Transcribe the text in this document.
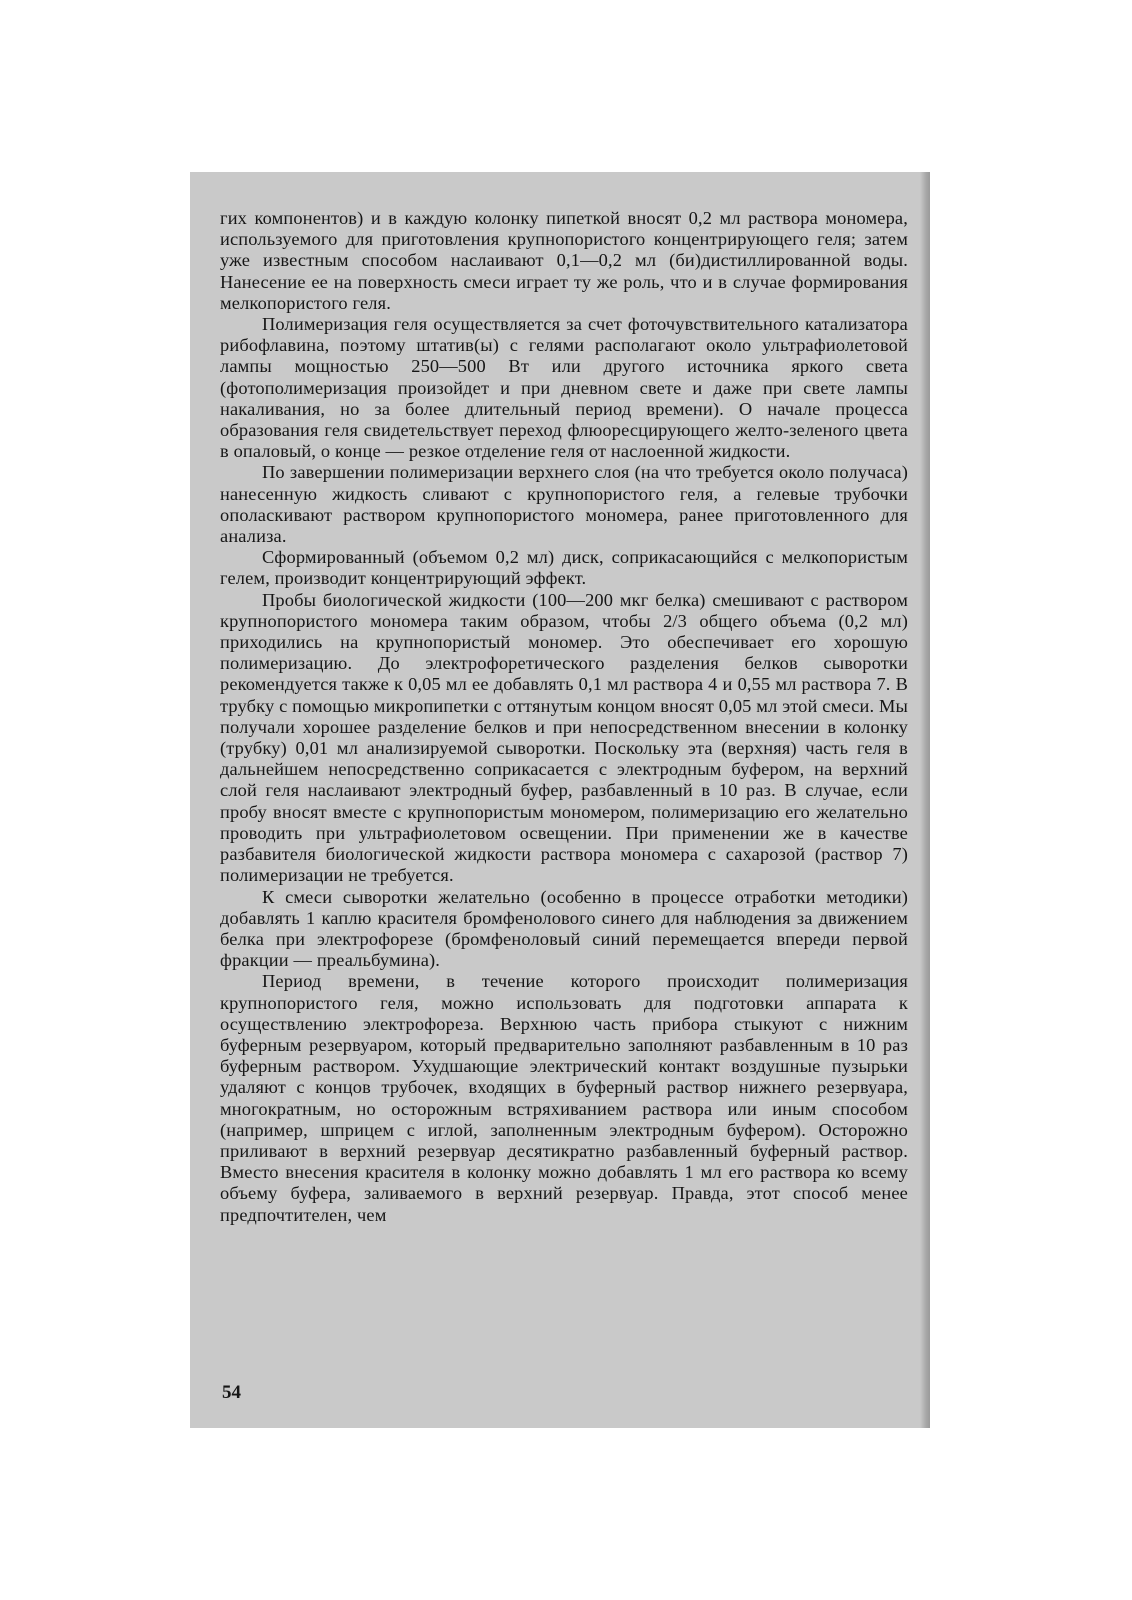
гих компонентов) и в каждую колонку пипеткой вносят 0,2 мл раствора мономера, используемого для приготовления крупнопористого концентрирующего геля; затем уже известным способом наслаивают 0,1—0,2 мл (би)дистиллированной воды. Нанесение ее на поверхность смеси играет ту же роль, что и в случае формирования мелкопористого геля.

Полимеризация геля осуществляется за счет фоточувствительного катализатора рибофлавина, поэтому штатив(ы) с гелями располагают около ультрафиолетовой лампы мощностью 250—500 Вт или другого источника яркого света (фотополимеризация произойдет и при дневном свете и даже при свете лампы накаливания, но за более длительный период времени). О начале процесса образования геля свидетельствует переход флюоресцирующего желто-зеленого цвета в опаловый, о конце — резкое отделение геля от наслоенной жидкости.

По завершении полимеризации верхнего слоя (на что требуется около получаса) нанесенную жидкость сливают с крупнопористого геля, а гелевые трубочки ополаскивают раствором крупнопористого мономера, ранее приготовленного для анализа.

Сформированный (объемом 0,2 мл) диск, соприкасающийся с мелкопористым гелем, производит концентрирующий эффект.

Пробы биологической жидкости (100—200 мкг белка) смешивают с раствором крупнопористого мономера таким образом, чтобы 2/3 общего объема (0,2 мл) приходились на крупнопористый мономер. Это обеспечивает его хорошую полимеризацию. До электрофоретического разделения белков сыворотки рекомендуется также к 0,05 мл ее добавлять 0,1 мл раствора 4 и 0,55 мл раствора 7. В трубку с помощью микропипетки с оттянутым концом вносят 0,05 мл этой смеси. Мы получали хорошее разделение белков и при непосредственном внесении в колонку (трубку) 0,01 мл анализируемой сыворотки. Поскольку эта (верхняя) часть геля в дальнейшем непосредственно соприкасается с электродным буфером, на верхний слой геля наслаивают электродный буфер, разбавленный в 10 раз. В случае, если пробу вносят вместе с крупнопористым мономером, полимеризацию его желательно проводить при ультрафиолетовом освещении. При применении же в качестве разбавителя биологической жидкости раствора мономера с сахарозой (раствор 7) полимеризации не требуется.

К смеси сыворотки желательно (особенно в процессе отработки методики) добавлять 1 каплю красителя бромфенолового синего для наблюдения за движением белка при электрофорезе (бромфеноловый синий перемещается впереди первой фракции — преальбумина).

Период времени, в течение которого происходит полимеризация крупнопористого геля, можно использовать для подготовки аппарата к осуществлению электрофореза. Верхнюю часть прибора стыкуют с нижним буферным резервуаром, который предварительно заполняют разбавленным в 10 раз буферным раствором. Ухудшающие электрический контакт воздушные пузырьки удаляют с концов трубочек, входящих в буферный раствор нижнего резервуара, многократным, но осторожным встряхиванием раствора или иным способом (например, шприцем с иглой, заполненным электродным буфером). Осторожно приливают в верхний резервуар десятикратно разбавленный буферный раствор. Вместо внесения красителя в колонку можно добавлять 1 мл его раствора ко всему объему буфера, заливаемого в верхний резервуар. Правда, этот способ менее предпочтителен, чем

54
